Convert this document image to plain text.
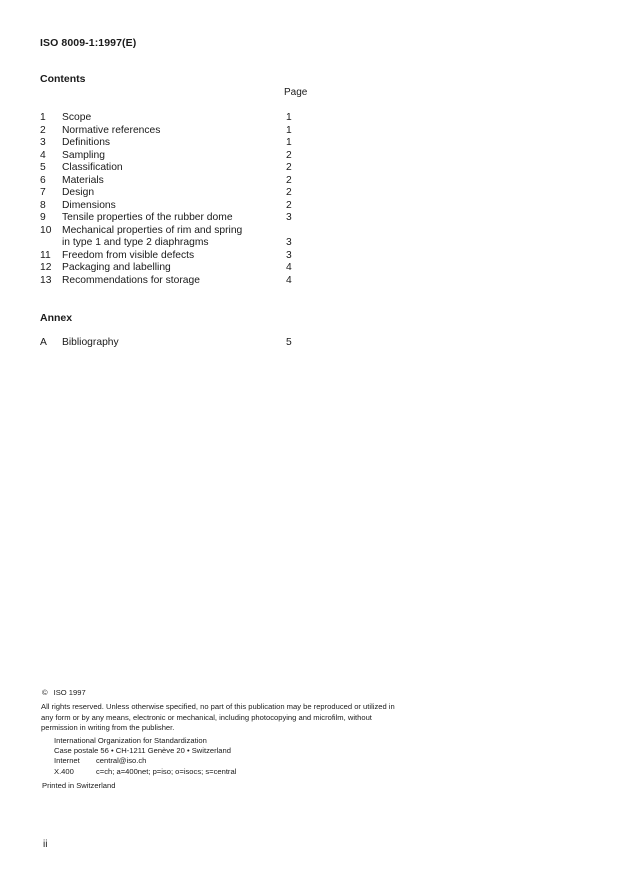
ISO 8009-1:1997(E)
Contents
Page
1	Scope	1
2	Normative references	1
3	Definitions	1
4	Sampling	2
5	Classification	2
6	Materials	2
7	Design	2
8	Dimensions	2
9	Tensile properties of the rubber dome	3
10	Mechanical properties of rim and spring
in type 1 and type 2 diaphragms	3
11	Freedom from visible defects	3
12	Packaging and labelling	4
13	Recommendations for storage	4
Annex
A	Bibliography	5
© ISO 1997
All rights reserved. Unless otherwise specified, no part of this publication may be reproduced or utilized in any form or by any means, electronic or mechanical, including photocopying and microfilm, without permission in writing from the publisher.
International Organization for Standardization
Case postale 56 • CH-1211 Genève 20 • Switzerland
Internet	central@iso.ch
X.400	c=ch; a=400net; p=iso; o=isocs; s=central
Printed in Switzerland
ii
